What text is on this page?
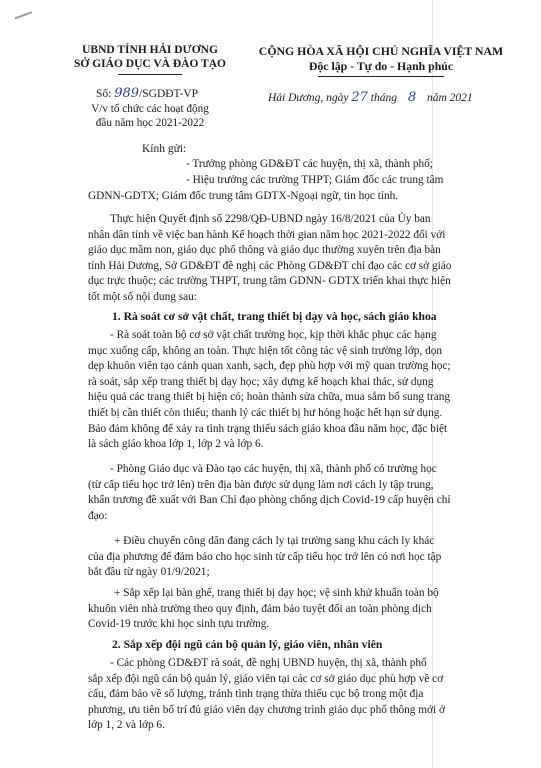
UBND TỈNH HẢI DƯƠNG
SỞ GIÁO DỤC VÀ ĐÀO TẠO
Số: 989/SGDĐT-VP
V/v tổ chức các hoạt động
đầu năm học 2021-2022
CỘNG HÒA XÃ HỘI CHỦ NGHĨA VIỆT NAM
Độc lập - Tự do - Hạnh phúc
Hải Dương, ngày 27 tháng 8 năm 2021
Kính gửi:
- Trưởng phòng GD&ĐT các huyện, thị xã, thành phố;
- Hiệu trưởng các trường THPT; Giám đốc các trung tâm
GDNN-GDTX; Giám đốc trung tâm GDTX-Ngoại ngữ, tin học tỉnh.
Thực hiện Quyết định số 2298/QĐ-UBND ngày 16/8/2021 của Ủy ban
nhân dân tỉnh về việc ban hành Kế hoạch thời gian năm học 2021-2022 đối với
giáo dục mầm non, giáo dục phổ thông và giáo dục thường xuyên trên địa bàn
tỉnh Hải Dương, Sở GD&ĐT đề nghị các Phòng GD&ĐT chỉ đạo các cơ sở giáo
dục trực thuộc; các trường THPT, trung tâm GDNN- GDTX triển khai thực hiện
tốt một số nội dung sau:
1. Rà soát cơ sở vật chất, trang thiết bị dạy và học, sách giáo khoa
- Rà soát toàn bộ cơ sở vật chất trường học, kịp thời khắc phục các hạng
mục xuống cấp, không an toàn. Thực hiện tốt công tác vệ sinh trường lớp, dọn
dẹp khuôn viên tạo cảnh quan xanh, sạch, đẹp phù hợp với mỹ quan trường học;
rà soát, sắp xếp trang thiết bị dạy học; xây dựng kế hoạch khai thác, sử dụng
hiệu quả các trang thiết bị hiện có; hoàn thành sửa chữa, mua sắm bổ sung trang
thiết bị cần thiết còn thiếu; thanh lý các thiết bị hư hỏng hoặc hết hạn sử dụng.
Bảo đảm không để xảy ra tình trạng thiếu sách giáo khoa đầu năm học, đặc biệt
là sách giáo khoa lớp 1, lớp 2 và lớp 6.
- Phòng Giáo dục và Đào tạo các huyện, thị xã, thành phố có trường học
(từ cấp tiểu học trở lên) trên địa bàn được sử dụng làm nơi cách ly tập trung,
khẩn trương đề xuất với Ban Chỉ đạo phòng chống dịch Covid-19 cấp huyện chỉ
đạo:
+ Điều chuyển công dân đang cách ly tại trường sang khu cách ly khác
của địa phương để đảm bảo cho học sinh từ cấp tiểu học trở lên có nơi học tập
bắt đầu từ ngày 01/9/2021;
+ Sắp xếp lại bàn ghế, trang thiết bị dạy học; vệ sinh khử khuẩn toàn bộ
khuôn viên nhà trường theo quy định, đảm bảo tuyệt đối an toàn phòng dịch
Covid-19 trước khi học sinh tựu trường.
2. Sắp xếp đội ngũ cán bộ quản lý, giáo viên, nhân viên
- Các phòng GD&ĐT rà soát, đề nghị UBND huyện, thị xã, thành phố
sắp xếp đội ngũ cán bộ quản lý, giáo viên tại các cơ sở giáo dục phù hợp về cơ
cấu, đảm bảo về số lượng, tránh tình trạng thừa thiếu cục bộ trong một địa
phương, ưu tiên bố trí đủ giáo viên dạy chương trình giáo dục phổ thông mới ở
lớp 1, 2 và lớp 6.
